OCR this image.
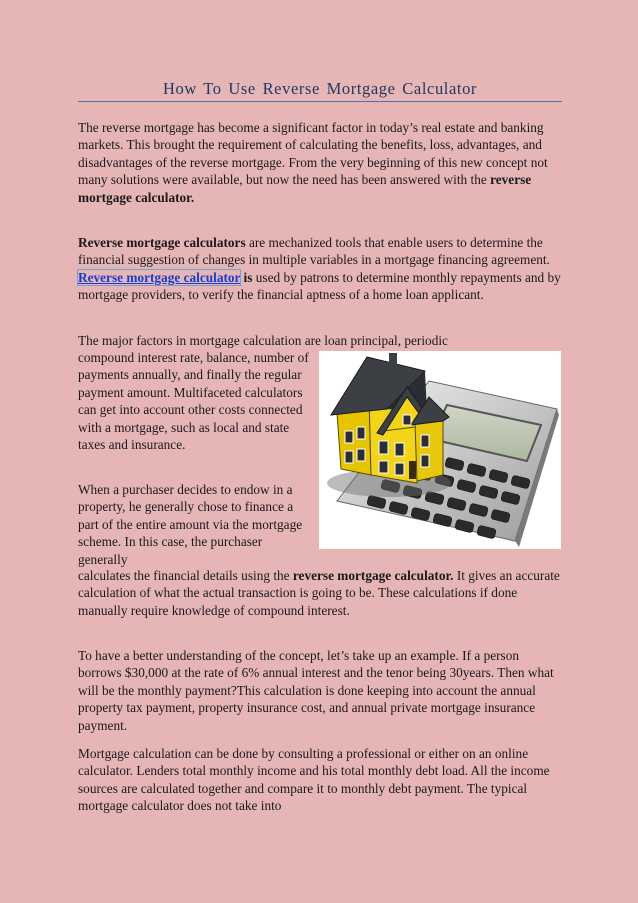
How To Use Reverse Mortgage Calculator

The reverse mortgage has become a significant factor in today’s real estate and banking markets. This brought the requirement of calculating the benefits, loss, advantages, and disadvantages of the reverse mortgage. From the very beginning of this new concept not many solutions were available, but now the need has been answered with the reverse mortgage calculator.

Reverse mortgage calculators are mechanized tools that enable users to determine the financial suggestion of changes in multiple variables in a mortgage financing agreement. Reverse mortgage calculator is used by patrons to determine monthly repayments and by mortgage providers, to verify the financial aptness of a home loan applicant.

The major factors in mortgage calculation are loan principal, periodic

compound interest rate, balance, number of payments annually, and finally the regular payment amount. Multifaceted calculators can get into account other costs connected with a mortgage, such as local and state taxes and insurance.

When a purchaser decides to endow in a property, he generally chose to finance a part of the entire amount via the mortgage scheme. In this case, the purchaser generally

calculates the financial details using the reverse mortgage calculator. It gives an accurate calculation of what the actual transaction is going to be. These calculations if done manually require knowledge of compound interest.

To have a better understanding of the concept, let’s take up an example. If a person borrows $30,000 at the rate of 6% annual interest and the tenor being 30years. Then what will be the monthly payment?This calculation is done keeping into account the annual property tax payment, property insurance cost, and annual private mortgage insurance payment.

Mortgage calculation can be done by consulting a professional or either on an online calculator. Lenders total monthly income and his total monthly debt load. All the income sources are calculated together and compare it to monthly debt payment. The typical mortgage calculator does not take into
